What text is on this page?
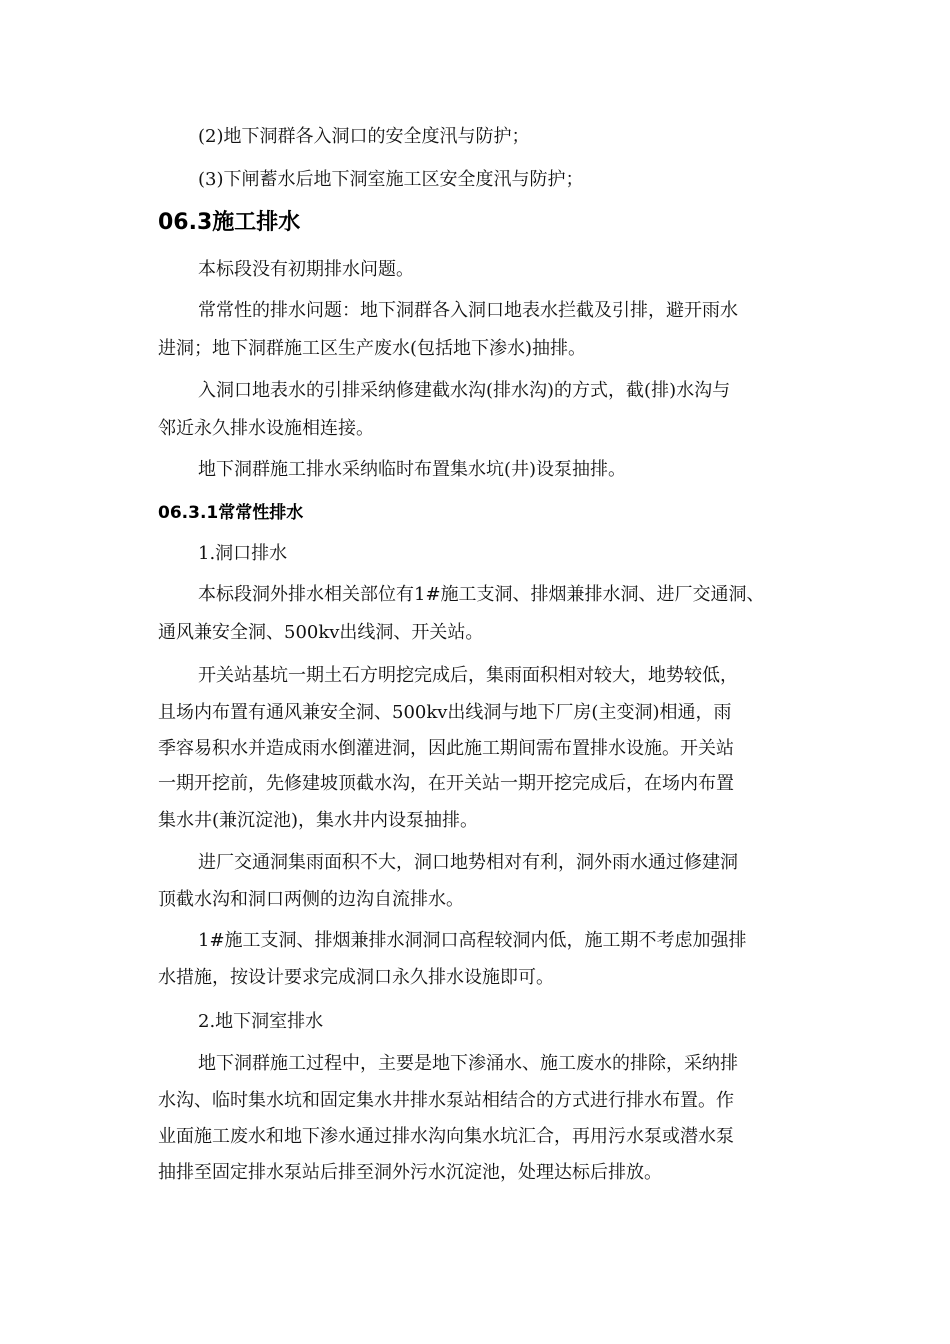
(2)地下洞群各入洞口的安全度汛与防护；
(3)下闸蓄水后地下洞室施工区安全度汛与防护；
06.3施工排水
本标段没有初期排水问题。
常常性的排水问题：地下洞群各入洞口地表水拦截及引排，避开雨水
进洞；地下洞群施工区生产废水(包括地下渗水)抽排。
入洞口地表水的引排采纳修建截水沟(排水沟)的方式，截(排)水沟与
邻近永久排水设施相连接。
地下洞群施工排水采纳临时布置集水坑(井)设泵抽排。
06.3.1常常性排水
1.洞口排水
本标段洞外排水相关部位有1#施工支洞、排烟兼排水洞、进厂交通洞、
通风兼安全洞、500kv出线洞、开关站。
开关站基坑一期土石方明挖完成后，集雨面积相对较大，地势较低，
且场内布置有通风兼安全洞、500kv出线洞与地下厂房(主变洞)相通，雨
季容易积水并造成雨水倒灌进洞，因此施工期间需布置排水设施。开关站
一期开挖前，先修建坡顶截水沟，在开关站一期开挖完成后，在场内布置
集水井(兼沉淀池)，集水井内设泵抽排。
进厂交通洞集雨面积不大，洞口地势相对有利，洞外雨水通过修建洞
顶截水沟和洞口两侧的边沟自流排水。
1#施工支洞、排烟兼排水洞洞口高程较洞内低，施工期不考虑加强排
水措施，按设计要求完成洞口永久排水设施即可。
2.地下洞室排水
地下洞群施工过程中，主要是地下渗涌水、施工废水的排除，采纳排
水沟、临时集水坑和固定集水井排水泵站相结合的方式进行排水布置。作
业面施工废水和地下渗水通过排水沟向集水坑汇合，再用污水泵或潜水泵
抽排至固定排水泵站后排至洞外污水沉淀池，处理达标后排放。
